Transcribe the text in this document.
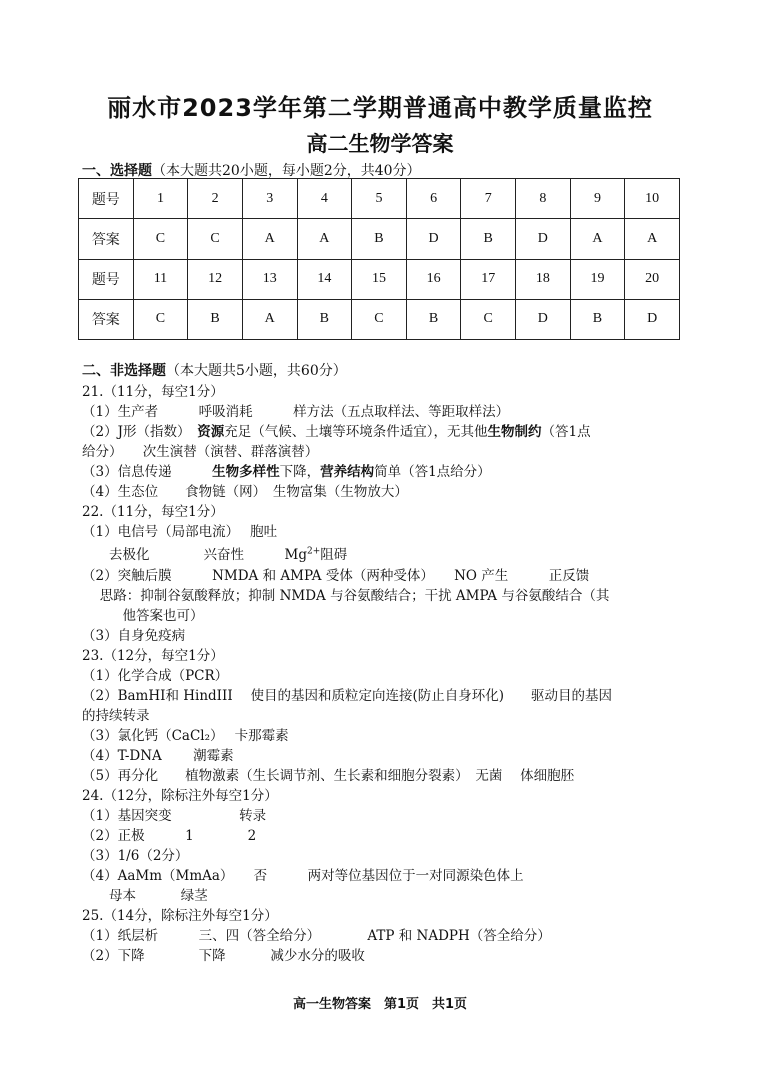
丽水市2023学年第二学期普通高中教学质量监控
高二生物学答案
一、选择题（本大题共20小题，每小题2分，共40分）
题号	1	2	3	4	5	6	7	8	9	10
答案	C	C	A	A	B	D	B	D	A	A
题号	11	12	13	14	15	16	17	18	19	20
答案	C	B	A	B	C	B	C	D	B	D
二、非选择题（本大题共5小题，共60分）
21.（11分，每空1分）
（1）生产者　　　呼吸消耗　　　样方法（五点取样法、等距取样法）
（2）J形（指数）　资源充足（气候、土壤等环境条件适宜），无其他生物制约（答1点
给分）　　次生演替（演替、群落演替）
（3）信息传递　　　生物多样性下降，营养结构简单（答1点给分）
（4）生态位　　食物链（网）　生物富集（生物放大）
22.（11分，每空1分）
（1）电信号（局部电流）　 胞吐
　　去极化　　　　兴奋性　　　$Mg^{2+}$阻碍
（2）突触后膜　　　NMDA 和 AMPA 受体（两种受体）　　NO 产生　　　正反馈
　 思路：抑制谷氨酸释放；抑制 NMDA 与谷氨酸结合；干扰 AMPA 与谷氨酸结合（其
　　　他答案也可）
（3）自身免疫病
23.（12分，每空1分）
（1）化学合成（PCR）
（2）BamHI和 HindIII　 使目的基因和质粒定向连接(防止自身环化)　　驱动目的基因
的持续转录
（3）氯化钙（CaCl₂）　 卡那霉素
（4）T-DNA　　 潮霉素
（5）再分化　　植物激素（生长调节剂、生长素和细胞分裂素）　无菌　 体细胞胚
24.（12分，除标注外每空1分）
（1）基因突变　　　　　转录
（2）正极　　　1　　　　2
（3）1/6（2分）
（4）AaMm（MmAa）　　否　　　两对等位基因位于一对同源染色体上
　　母本　　　 绿茎
25.（14分，除标注外每空1分）
（1）纸层析　　　三、四（答全给分）　　　　ATP 和 NADPH（答全给分）
（2）下降　　　　下降　　　 减少水分的吸收
高一生物答案　第1页　共1页
